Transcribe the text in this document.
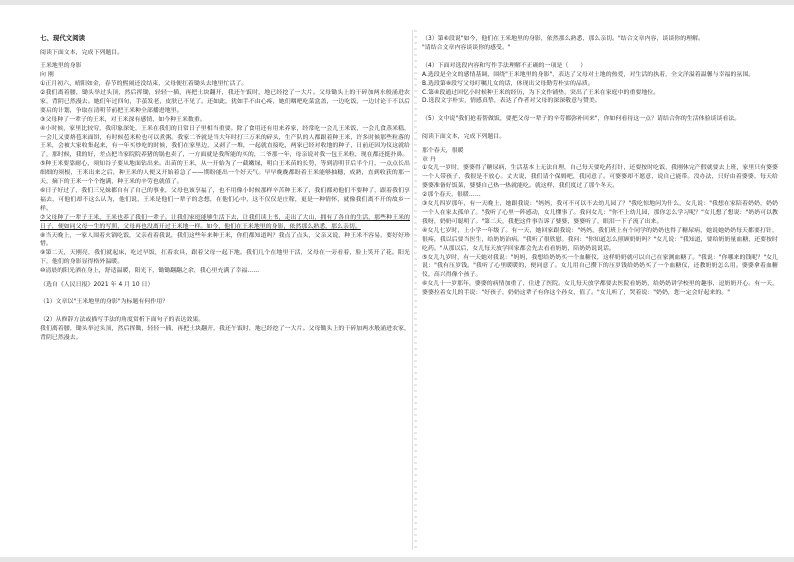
七、现代文阅读

阅读下面文本，完成下列题目。

王米地里的身影

向 刚

①正月初六，晴阳如金，春节的熙闹还没结束，父母便扛着锄头去地里忙活了。

②我们离着腰，锄头举过头顶，然后挥锄，轻轻一插，再把土块翻开，我还午饭时，地已经挖了一大片。父母锄头上的干碎加两水般涌进农家，背阴已然漫去。她们年过四旬，手茧发老，皮肤已不见了。还如此，犹如手不由心疼，她们咽吧吃菜盒盖，一边吃饭，一边讨论干不以后要启的计划，争取在清明节前把王米种全部播进地里。

③父母种了一辈子的王米，对王米深有感情，如今种王米数重。

④小时候，家里比较穷，我印象深处，王米在我们的日常日子里相当重要。除了食用还有用来养家，经常吃一会儿王米饭，一会儿食蒸米糕，一会儿又要烙苞米面饼，有时候苞米粒也可以煮粥。我家二爷就是当大年时打三万米的碎头，生产队的人都跟着种王米，许多时候那些粒落的王米，会被大家收集起来，有一年买炒吃的时候，我们在家里边，又剥了一堆，一起就直接吃，两家已经对收地的种子，日前还因为仪这就给了，那时候，我的好，差点把当家院院养猪的锅也卖了，一方面就是我所能的买的，二爷那一年，母亲说对我一包王米粒，现在都还挺扑鼻。

⑤种王米要靠耐心，须知谷子要从地面钻出来。出苗的王米，从一开始为了一截嫩绿，明白王米苗的长势，等到清明节后半个月，一点点长出细细的须根，王米出来之后，种王米的人便又开始着急了——期盼能出一个好天气。早早晚晚都盼着王米能够抽穗，成熟，直到收获的那一天，摘下的王米一个个饱满，种王米的辛劳也就值了。

⑥日子好过了，我们三兄妹都自有了自己的事业，父母也该享福了，也不用像小时候那样辛苦种王米了，我们都劝他们不要种了，跟着我们享福去，可他们却不这么认为，他们说，王米是他们一辈子的念想，在他们心中，这不仅仅是庄稼，更是一种情怀，就像我们离不开的故乡一样。

⑦父母种了一辈子王米，王米也养了我们一辈子。让我们家庭能够生活下去，让我们读上书，走出了大山，拥有了各自的生活，那些种王米的日子，便如同父母一生的写照，父母再也没离开过王米地一样。如今，他们在王米地里的身影，依然那么熟悉，那么亲切。

⑧当天晚上，一家人围着火锅吃饭，父亲看着我说，我们这些年来种王米，你们都知道吗？我点了点头，父亲又说，种王米不容易，要好好珍惜。

⑨第二天，天刚亮，我们就起床，吃过早饭，扛着农具，跟着父母一起下地。我们几个在地里干活，父母在一旁看着，脸上笑开了花。阳光下，他们的身影显得格外温暖。

⑩清晨的阳光洒在身上，舒适温暖，阳光下，锄锄翻翻之余，我心里充满了幸福……

（选自《人民日报》2021 年 4 月 10 日）

（1）文章以"王米地里的身影"为标题有何作用？

（2）从修辞方法或描写手法的角度赏析下面句子的表达效果。

我们离着腰，锄头举过头顶，然后挥锄，轻轻一插，再把土块翻开，我还午饭时，地已经挖了一大片。父母锄头上的干碎加两水般涌进农家，背阴已然漫去。

（3）第⑥段说"如今，他们在王米地里的身影，依然那么熟悉，那么亲切。"结合文章内容，谈谈你的理解。

"请结合文章内容谈谈你的感受。"

（4）下面对选段内容和写作手法理解不正确的一项是（　　）

A.选段是全文的感情基调，围绕"王米地里的身影"，表达了父母对土地的热爱，对生活的执着，全文洋溢着温馨与幸福的氛围。

B.选段第⑧段写父母叮嘱儿女的话，体现出父母勤劳朴实的品质。

C.第④段通过回忆小时候种王米的经历，为下文作铺垫，突出了王米在家庭中的重要地位。

D.选段文字朴实，情感真挚，表达了作者对父母的深深敬意与赞美。

（5）文中说"我们抢着帮做饭，要把父母一辈子的辛劳都弥补回来"，你如何看待这一点？请结合你的生活体验谈谈看法。

阅读下面文本，完成下列题目。

那个春天，很暖

章 丹

①女儿一岁时，婆婆得了糖尿病，生活基本上无法自理，自己每天要吃药打针，还要按时吃饭，我刚休完产假就要去上班，家里只有婆婆一个人带孩子，我很是不放心。丈夫说，我们请个保姆吧，我同意了。可婆婆却不愿意，说自己能带。没办法，只好由着婆婆，每天给婆婆准备好饭菜，婆婆自己热一热就能吃。就这样，我们度过了那个冬天。

②那个春天，很暖……

③女儿四岁那年，有一天晚上，她跟我说："妈妈，我可不可以不去幼儿园了？"我吃惊地问为什么，女儿说："我想在家陪着奶奶，奶奶一个人在家太孤单了。"我听了心里一阵感动，女儿懂事了。我问女儿："你不上幼儿园，那你怎么学习呢？"女儿想了想说："奶奶可以教我呀，奶奶可聪明了。"第二天，我把这件事告诉了婆婆，婆婆听了，眼泪一下子流了出来。

④女儿七岁时，上小学一年级了。有一天，她回家跟我说："妈妈，我们班上有个同学的奶奶也得了糖尿病，她说她奶奶每天都要打针，很疼，我以后要当医生，给奶奶治病。"我听了很欣慰。我问："你知道怎么照顾奶奶吗？"女儿说："我知道，要给奶奶量血糖，还要按时吃药。"从那以后，女儿每天放学回家都会先去看看奶奶，陪奶奶说说话。

⑤女儿九岁时，有一天她对我说："妈妈，我想给奶奶买一个血糖仪，这样奶奶就可以自己在家测血糖了。"我说："你哪来的钱呢？"女儿说："我有压岁钱。"我听了心里暖暖的，便同意了。女儿用自己攒下的压岁钱给奶奶买了一个血糖仪，还教奶奶怎么用。婆婆拿着血糖仪，高兴得像个孩子。

⑥女儿十一岁那年，婆婆的病情加重了，住进了医院。女儿每天放学都要去医院看奶奶，给奶奶讲学校里的趣事，逗奶奶开心。有一天，婆婆拉着女儿的手说："好孩子，奶奶这辈子有你这个孙女，值了。"女儿听了，哭着说："奶奶，您一定会好起来的。"
